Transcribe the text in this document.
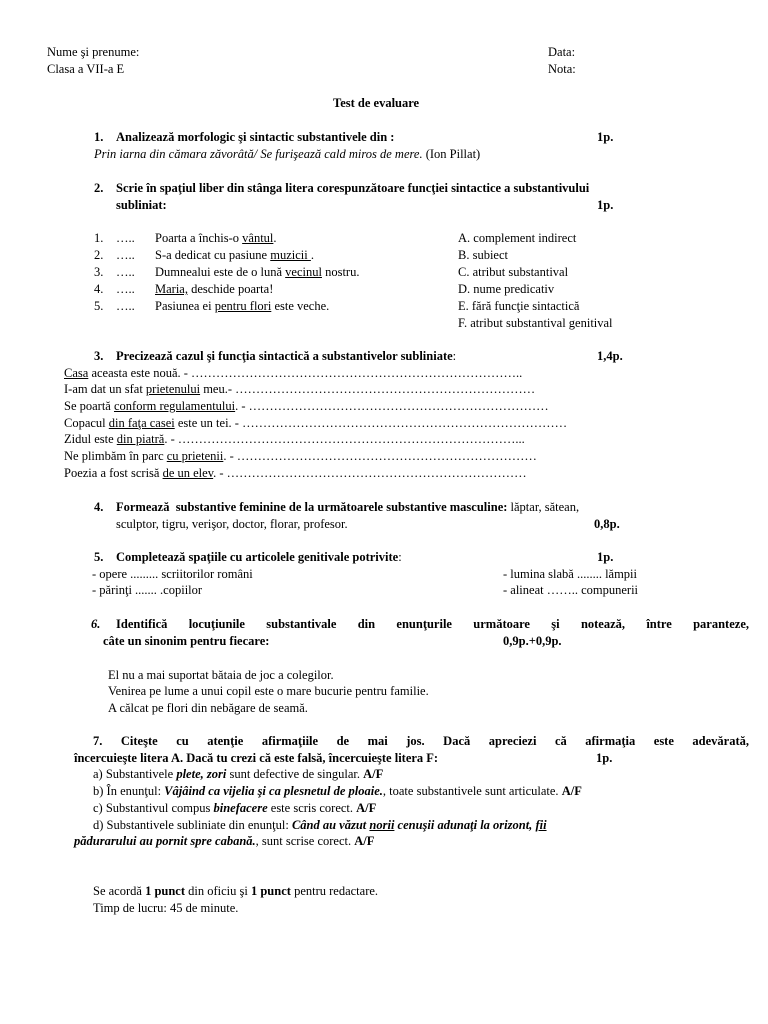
Nume şi prenume:
Clasa a VII-a E
Data:
Nota:
Test de evaluare
1. Analizează morfologic şi sintactic substantivele din :	1p.
Prin iarna din cămara zăvorâtă/ Se furişează cald miros de mere. (Ion Pillat)
2. Scrie în spaţiul liber din stânga litera corespunzătoare funcţiei sintactice a substantivului
subliniat:	1p.
1. ….. Poarta a închis-o vântul.
2. ….. S-a dedicat cu pasiune muzicii .
3. ….. Dumnealui este de o lună vecinul nostru.
4. ….. Maria, deschide poarta!
5. ….. Pasiunea ei pentru flori este veche.
A. complement indirect
B. subiect
C. atribut substantival
D. nume predicativ
E. fără funcţie sintactică
F. atribut substantival genitival
3. Precizează cazul şi funcţia sintactică a substantivelor subliniate:	1,4p.
Casa aceasta este nouă. - ……………………………………………………………………..
I-am dat un sfat prietenului meu.- ………………………………………………………………
Se poartă conform regulamentului. - ………………………………………………………………
Copacul din faţa casei este un tei. - ……………………………………………………………………
Zidul este din piatră. - ………………………………………………………………………...
Ne plimbăm în parc cu prietenii. - ………………………………………………………………
Poezia a fost scrisă de un elev. - ………………………………………………………………
4. Formează  substantive feminine de la următoarele substantive masculine: lăptar, sătean,
sculptor, tigru, verişor, doctor, florar, profesor.	0,8p.
5. Completează spaţiile cu articolele genitivale potrivite:	1p.
- opere ......... scriitorilor români
- părinţi ....... .copiilor
- lumina slabă ........ lămpii
- alineat …….. compunerii
6. Identifică locuţiunile substantivale din enunţurile următoare şi notează, între paranteze,
câte un sinonim pentru fiecare:	0,9p.+0,9p.
El nu a mai suportat bătaia de joc a colegilor.
Venirea pe lume a unui copil este o mare bucurie pentru familie.
A călcat pe flori din nebăgare de seamă.
7. Citeşte cu atenţie afirmaţiile de mai jos. Dacă apreciezi că afirmaţia este adevărată,
încercuieşte litera A. Dacă tu crezi că este falsă, încercuieşte litera F:	1p.
a) Substantivele plete, zori sunt defective de singular. A/F
b) În enunţul: Vâjâind ca vijelia şi ca plesnetul de ploaie., toate substantivele sunt articulate. A/F
c) Substantivul compus binefacere este scris corect. A/F
d) Substantivele subliniate din enunţul: Când au văzut norii cenuşii adunaţi la orizont, fii
pădurarului au pornit spre cabană., sunt scrise corect. A/F
Se acordă 1 punct din oficiu şi 1 punct pentru redactare.
Timp de lucru: 45 de minute.
